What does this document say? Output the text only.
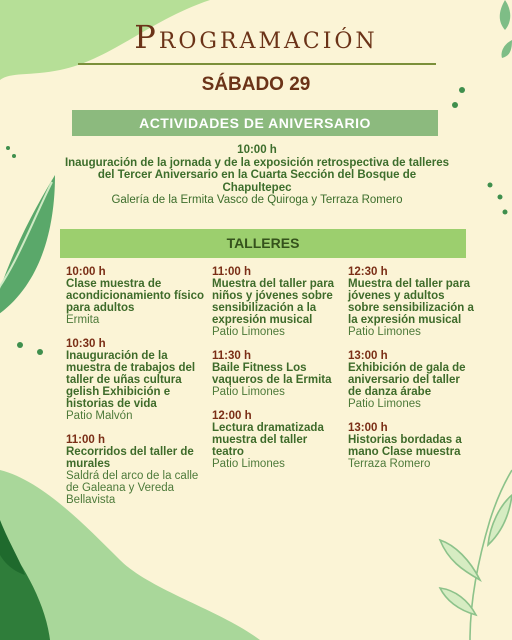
Programación
SÁBADO 29
ACTIVIDADES DE ANIVERSARIO
10:00 h
Inauguración de la jornada y de la exposición retrospectiva de talleres del Tercer Aniversario en la Cuarta Sección del Bosque de Chapultepec
Galería de la Ermita Vasco de Quiroga y Terraza Romero
TALLERES
10:00 h
Clase muestra de acondicionamiento físico para adultos
Ermita
10:30 h
Inauguración de la muestra de trabajos del taller de uñas cultura gelish Exhibición e historias de vida
Patio Malvón
11:00 h
Recorridos del taller de murales
Saldrá del arco de la calle de Galeana y Vereda Bellavista
11:00 h
Muestra del taller para niños y jóvenes sobre sensibilización a la expresión musical
Patio Limones
11:30 h
Baile Fitness Los vaqueros de la Ermita
Patio Limones
12:00 h
Lectura dramatizada muestra del taller teatro
Patio Limones
12:30 h
Muestra del taller para jóvenes y adultos sobre sensibilización a la expresión musical
Patio Limones
13:00 h
Exhibición de gala de aniversario del taller de danza árabe
Patio Limones
13:00 h
Historias bordadas a mano Clase muestra
Terraza Romero
